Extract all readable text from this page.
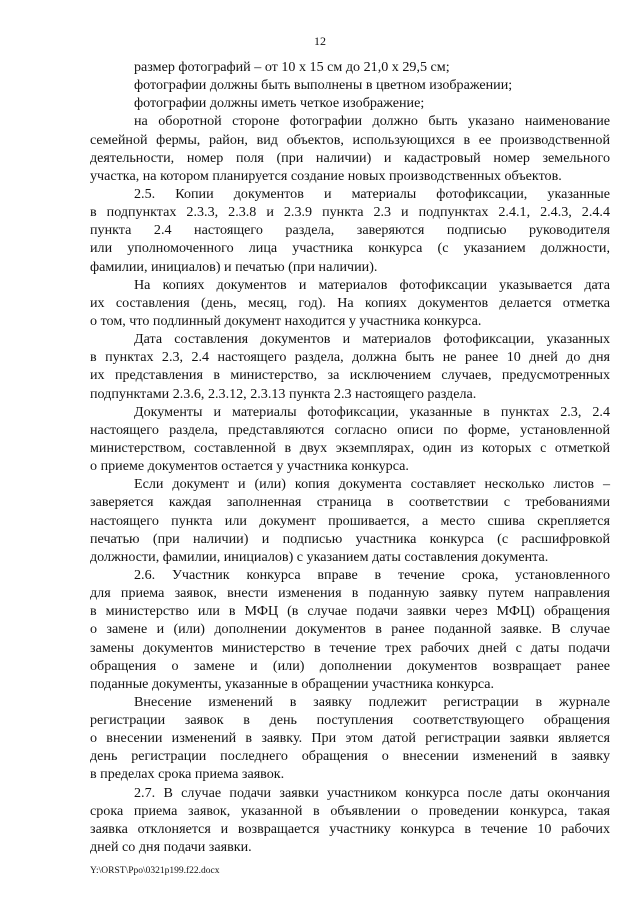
12
размер фотографий – от 10 х 15 см до 21,0 х 29,5 см;
фотографии должны быть выполнены в цветном изображении;
фотографии должны иметь четкое изображение;
на оборотной стороне фотографии должно быть указано наименование
семейной фермы, район, вид объектов, использующихся в ее производственной
деятельности, номер поля (при наличии) и кадастровый номер земельного
участка, на котором планируется создание новых производственных объектов.
2.5. Копии документов и материалы фотофиксации, указанные
в подпунктах 2.3.3, 2.3.8 и 2.3.9 пункта 2.3 и подпунктах 2.4.1, 2.4.3, 2.4.4
пункта 2.4 настоящего раздела, заверяются подписью руководителя
или уполномоченного лица участника конкурса (с указанием должности,
фамилии, инициалов) и печатью (при наличии).
На копиях документов и материалов фотофиксации указывается дата
их составления (день, месяц, год). На копиях документов делается отметка
о том, что подлинный документ находится у участника конкурса.
Дата составления документов и материалов фотофиксации, указанных
в пунктах 2.3, 2.4 настоящего раздела, должна быть не ранее 10 дней до дня
их представления в министерство, за исключением случаев, предусмотренных
подпунктами 2.3.6, 2.3.12, 2.3.13 пункта 2.3 настоящего раздела.
Документы и материалы фотофиксации, указанные в пунктах 2.3, 2.4
настоящего раздела, представляются согласно описи по форме, установленной
министерством, составленной в двух экземплярах, один из которых с отметкой
о приеме документов остается у участника конкурса.
Если документ и (или) копия документа составляет несколько листов –
заверяется каждая заполненная страница в соответствии с требованиями
настоящего пункта или документ прошивается, а место сшива скрепляется
печатью (при наличии) и подписью участника конкурса (с расшифровкой
должности, фамилии, инициалов) с указанием даты составления документа.
2.6. Участник конкурса вправе в течение срока, установленного
для приема заявок, внести изменения в поданную заявку путем направления
в министерство или в МФЦ (в случае подачи заявки через МФЦ) обращения
о замене и (или) дополнении документов в ранее поданной заявке. В случае
замены документов министерство в течение трех рабочих дней с даты подачи
обращения о замене и (или) дополнении документов возвращает ранее
поданные документы, указанные в обращении участника конкурса.
Внесение изменений в заявку подлежит регистрации в журнале
регистрации заявок в день поступления соответствующего обращения
о внесении изменений в заявку. При этом датой регистрации заявки является
день регистрации последнего обращения о внесении изменений в заявку
в пределах срока приема заявок.
2.7. В случае подачи заявки участником конкурса после даты окончания
срока приема заявок, указанной в объявлении о проведении конкурса, такая
заявка отклоняется и возвращается участнику конкурса в течение 10 рабочих
дней со дня подачи заявки.
Y:\ORST\Ppo\0321p199.f22.docx
